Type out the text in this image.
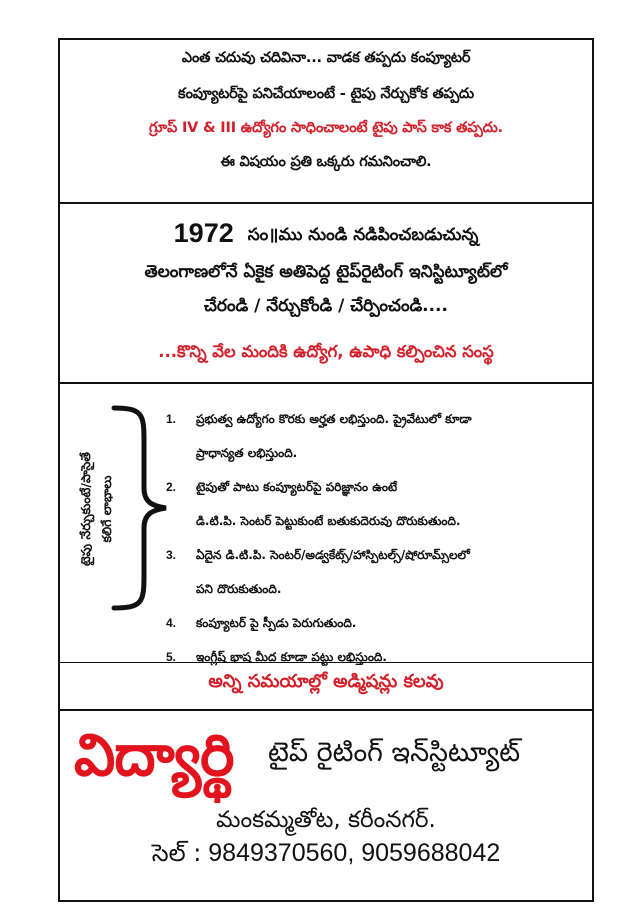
ఎంత చదువు చదివినా... వాడక తప్పదు కంప్యూటర్
కంప్యూటర్‌పై పనిచేయాలంటే - టైపు నేర్చుకోక తప్పదు
గ్రూప్ IV & III ఉద్యోగం సాధించాలంటే టైపు పాస్ కాక తప్పదు.
ఈ విషయం ప్రతి ఒక్కరు గమనించాలి.
1972 సం॥ము నుండి నడిపించబడుచున్న
తెలంగాణలోనే ఏకైక అతిపెద్ద టైప్‌రైటింగ్ ఇనిస్టిట్యూట్‌లో
చేరండి / నేర్చుకోండి / చేర్పించండి....
...కొన్ని వేల మందికి ఉద్యోగ, ఉపాధి కల్పించిన సంస్థ
టైపు నేర్చుకుంటే/పాసైతే కలిగే లాభాలు
1. ప్రభుత్వ ఉద్యోగం కొరకు అర్హత లభిస్తుంది. ప్రైవేటులో కూడా
ప్రాధాన్యత లభిస్తుంది.
2. టైపుతో పాటు కంప్యూటర్‌పై పరిజ్ఞానం ఉంటే
డి.టి.పి. సెంటర్ పెట్టుకుంటే బతుకుదెరువు దొరుకుతుంది.
3. ఏదైన డి.టి.పి. సెంటర్/అడ్వకేట్స్/హాస్పిటల్స్/షోరూమ్స్‌లలో
పని దొరుకుతుంది.
4. కంప్యూటర్ పై స్పీడు పెరుగుతుంది.
5. ఇంగ్లీష్ భాష మీద కూడా పట్టు లభిస్తుంది.
అన్ని సమయాల్లో అడ్మిషన్లు కలవు
విద్యార్థి టైప్ రైటింగ్ ఇన్‌స్టిట్యూట్
మంకమ్మతోట, కరీంనగర్.
సెల్ : 9849370560, 9059688042
